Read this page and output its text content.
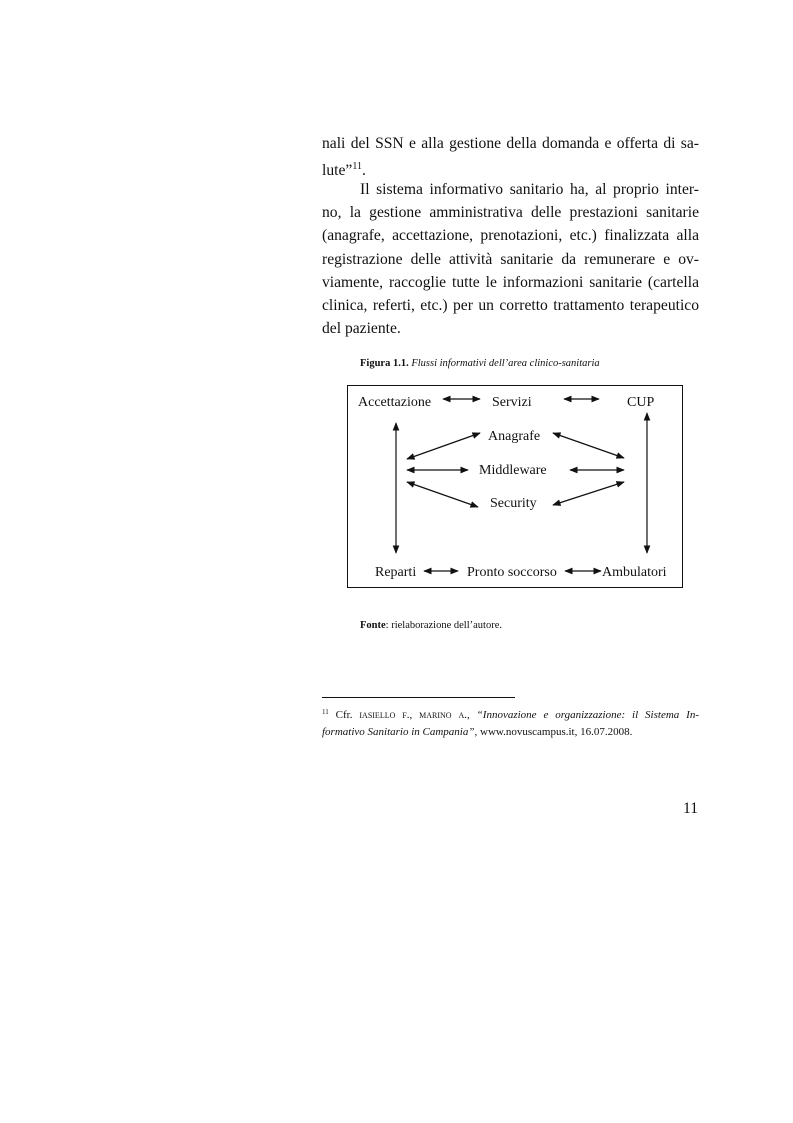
nali del SSN e alla gestione della domanda e offerta di sa-
lute”$^{11}$.
Il sistema informativo sanitario ha, al proprio inter-
no, la gestione amministrativa delle prestazioni sanitarie
(anagrafe, accettazione, prenotazioni, etc.) finalizzata alla
registrazione delle attività sanitarie da remunerare e ov-
viamente, raccoglie tutte le informazioni sanitarie (cartella
clinica, referti, etc.) per un corretto trattamento terapeutico
del paziente.
Figura 1.1. Flussi informativi dell’area clinico-sanitaria
Accettazione	Servizi	CUP
Anagrafe
Middleware
Security
Reparti	Pronto soccorso	Ambulatori
Fonte: rielaborazione dell’autore.
$^{11}$ Cfr. iasiello f., marino a., “Innovazione e organizzazione: il Sistema In-
formativo Sanitario in Campania”, www.novuscampus.it, 16.07.2008.
11
